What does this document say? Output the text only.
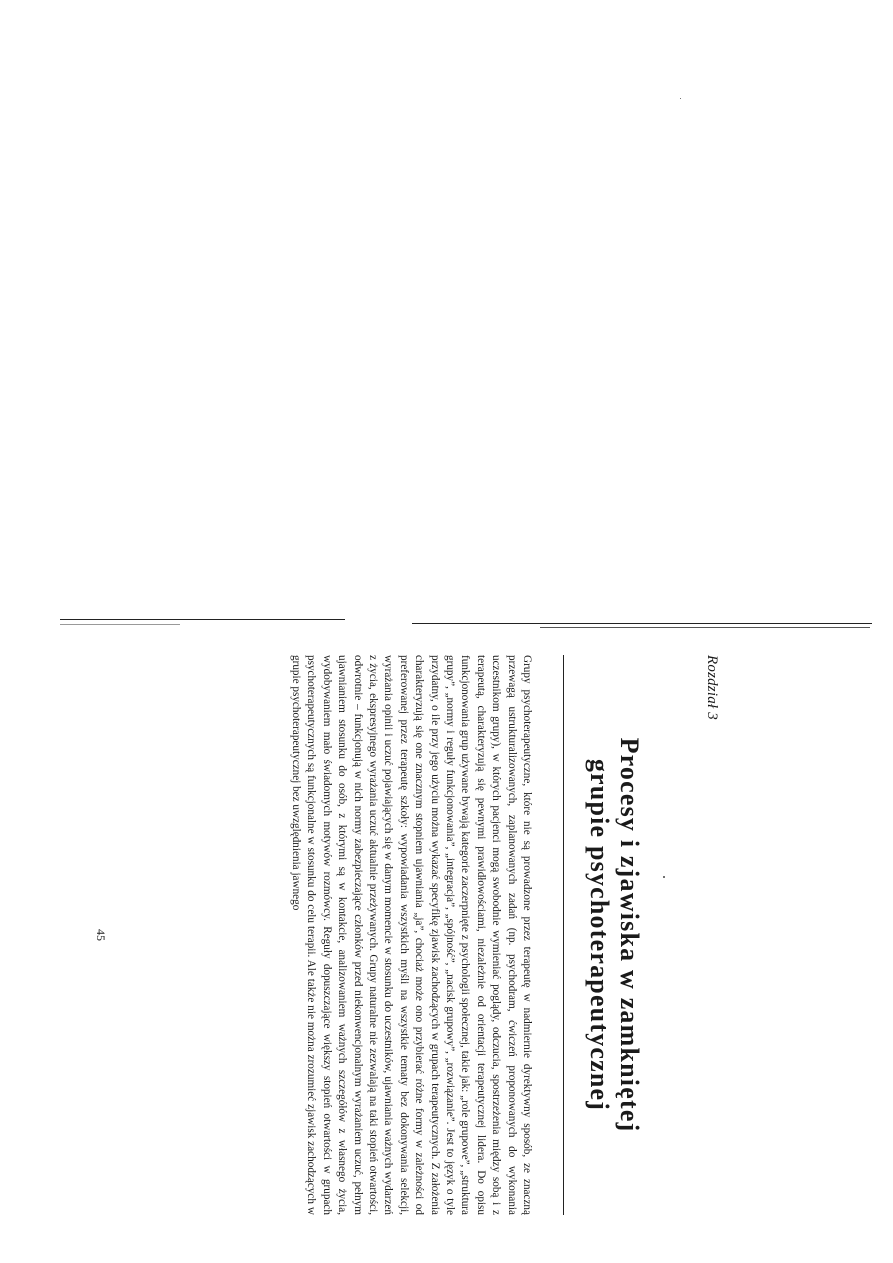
Rozdział 3
Procesy i zjawiska w zamkniętej
grupie psychoterapeutycznej

Grupy psychoterapeutyczne, które nie są prowadzone przez terapeutę w nadmiernie dyrektywny sposób, ze znaczną przewagą ustrukturalizowanych, zaplanowanych zadań (np. psychodram, ćwiczeń proponowanych do wykonania uczestnikom grupy), w których pacjenci mogą swobodnie wymieniać poglądy, odczucia, spostrzeżenia między sobą i z terapeutą, charakteryzują się pewnymi prawidłowościami, niezależnie od orientacji terapeutycznej lidera. Do opisu funkcjonowania grup używane bywają kategorie zaczerpnięte z psychologii społecznej, takie jak: „role grupowe”, „struktura grupy”, „normy i reguły funkcjonowania”, „integracja”, „spójność”, „nacisk grupowy”, „rozwiązanie”. Jest to język o tyle przydatny, o ile przy jego użyciu można wykazać specyfikę zjawisk zachodzących w grupach terapeutycznych. Z założenia charakteryzują się one znacznym stopniem ujawniania „ja”, chociaż może ono przybierać różne formy w zależności od preferowanej przez terapeutę szkoły: wypowiadania wszystkich myśli na wszystkie tematy bez dokonywania selekcji, wyrażania opinii i uczuć pojawiających się w danym momencie w stosunku do uczestników, ujawniania ważnych wydarzeń z życia, ekspresyjnego wyrażania uczuć aktualnie przeżywanych. Grupy naturalne nie zezwalają na taki stopień otwartości, odwrotnie – funkcjonują w nich normy zabezpieczające członków przed niekonwencjonalnym wyrażaniem uczuć, pełnym ujawnianiem stosunku do osób, z którymi są w kontakcie, analizowaniem ważnych szczegółów z własnego życia, wydobywaniem mało świadomych motywów rozmówcy. Reguły dopuszczające większy stopień otwartości w grupach psychoterapeutycznych są funkcjonalne w stosunku do celu terapii. Ale także nie można zrozumieć zjawisk zachodzących w grupie psychoterapeutycznej bez uwzględnienia jawnego

45
